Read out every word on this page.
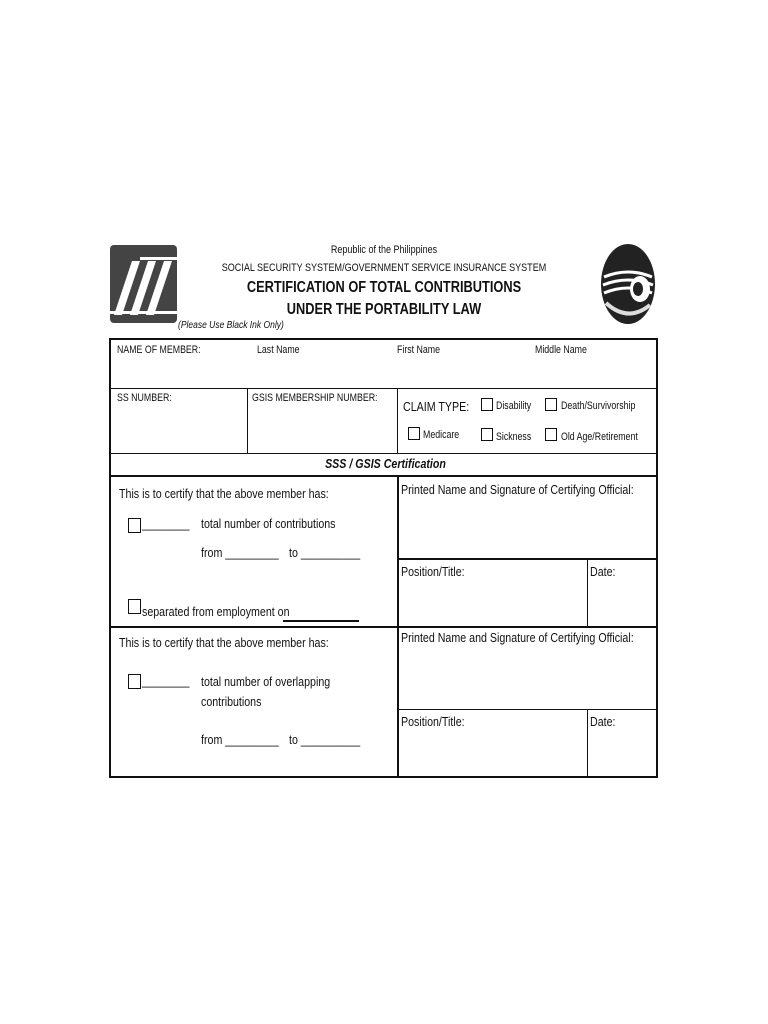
Republic of the Philippines
SOCIAL SECURITY SYSTEM/GOVERNMENT SERVICE INSURANCE SYSTEM
CERTIFICATION OF TOTAL CONTRIBUTIONS
UNDER THE PORTABILITY LAW
(Please Use Black Ink Only)
NAME OF MEMBER:	Last Name	First Name	Middle Name
SS NUMBER:	GSIS MEMBERSHIP NUMBER:
CLAIM TYPE: Disability	Death/Survivorship
Medicare	Sickness	Old Age/Retirement
SSS / GSIS Certification
This is to certify that the above member has:
________ total number of contributions
from _________ to __________
separated from employment on
Printed Name and Signature of Certifying Official:
Position/Title:	Date:
This is to certify that the above member has:
________ total number of overlapping
contributions
from _________ to __________
Printed Name and Signature of Certifying Official:
Position/Title:	Date:
